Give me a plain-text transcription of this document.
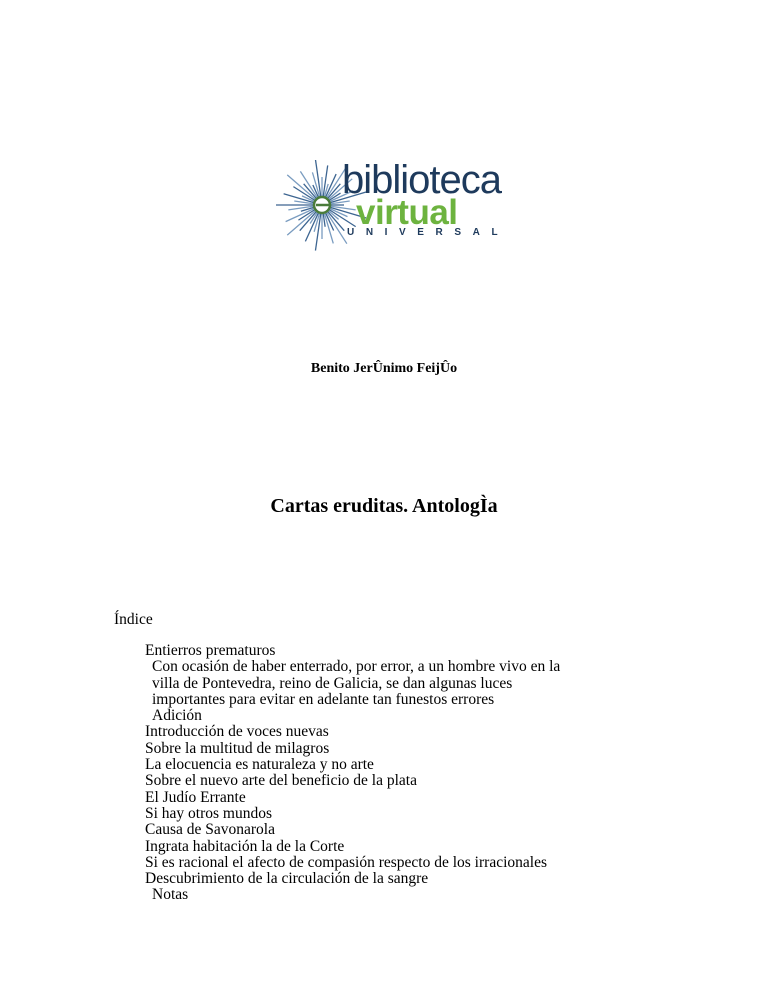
biblioteca
virtual
UNIVERSAL
Benito JerÛnimo FeijÛo
Cartas eruditas. AntologÌa
Índice
Entierros prematuros
Con ocasión de haber enterrado, por error, a un hombre vivo en la
villa de Pontevedra, reino de Galicia, se dan algunas luces
importantes para evitar en adelante tan funestos errores
Adición
Introducción de voces nuevas
Sobre la multitud de milagros
La elocuencia es naturaleza y no arte
Sobre el nuevo arte del beneficio de la plata
El Judío Errante
Si hay otros mundos
Causa de Savonarola
Ingrata habitación la de la Corte
Si es racional el afecto de compasión respecto de los irracionales
Descubrimiento de la circulación de la sangre
Notas
